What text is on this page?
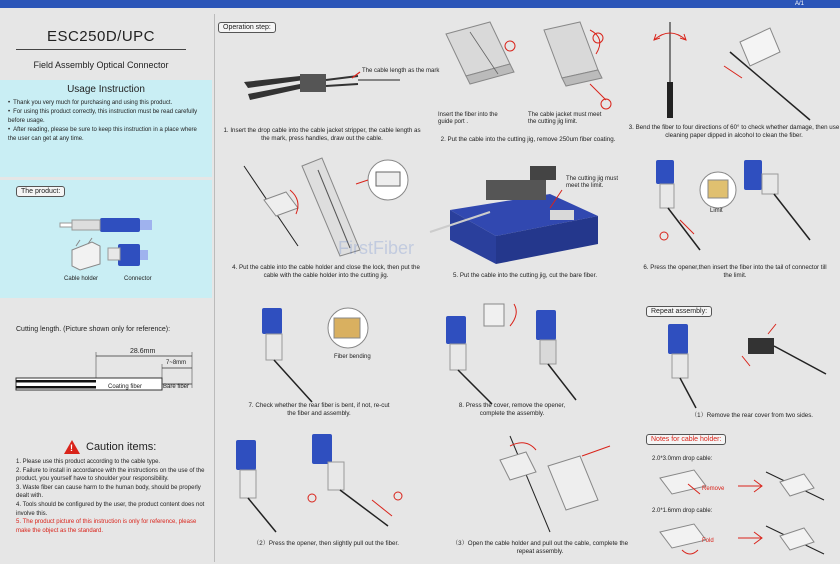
A/1
ESC250D/UPC
Field Assembly Optical Connector
Usage Instruction
• Thank you very much for purchasing and using this product.
• For using this product correctly, this instruction must be read carefully before usage.
• After reading, please be sure to keep this instruction in a place where the user can get at any time.
The product:
Cable holder	Connector
Cutting length. (Picture shown only for reference):
28.6mm
7~8mm
Coating fiber	Bare fiber
! Caution items:
1. Please use this product according to the cable type.
2. Failure to install in accordance with the instructions on the use of the product, you yourself have to shoulder your responsibility.
3. Waste fiber can cause harm to the human body, should be properly dealt with.
4. Tools should be configured by the user, the product content does not involve this.
5. The product picture of this instruction is only for reference, please make the object as the standard.
Operation step:
The cable length as the mark
1. Insert the drop cable into the cable jacket stripper, the cable length as the mark, press handles, draw out the cable.
Insert the fiber into the guide port .
The cable jacket must meet the cutting jig limit.
2. Put the cable into the cutting jig, remove 250um fiber coating.
3. Bend the fiber to four directions of 60° to check whether damage, then use cleaning paper dipped in alcohol to clean the fiber.
4. Put the cable into the cable holder and close the lock, then put the cable with the cable holder into the cutting jig.
The cutting jig must meet the limit.
5. Put the cable into the cutting jig, cut the bare fiber.
Limit
6. Press the opener,then insert the fiber into the tail of connector till the limit.
Fiber bending
7. Check whether the rear fiber is bent, if not, re-cut the fiber and assembly.
8. Press the cover, remove the opener, complete the assembly.
Repeat assembly:
（1）Remove the rear cover from two sides.
（2）Press the opener, then slightly pull out the fiber.	（3）Open the cable holder and pull out the cable, complete the repeat assembly.
Notes for cable holder:
2.0*3.0mm drop cable:
Remove
2.0*1.6mm drop cable:
Fold
FirstFiber
